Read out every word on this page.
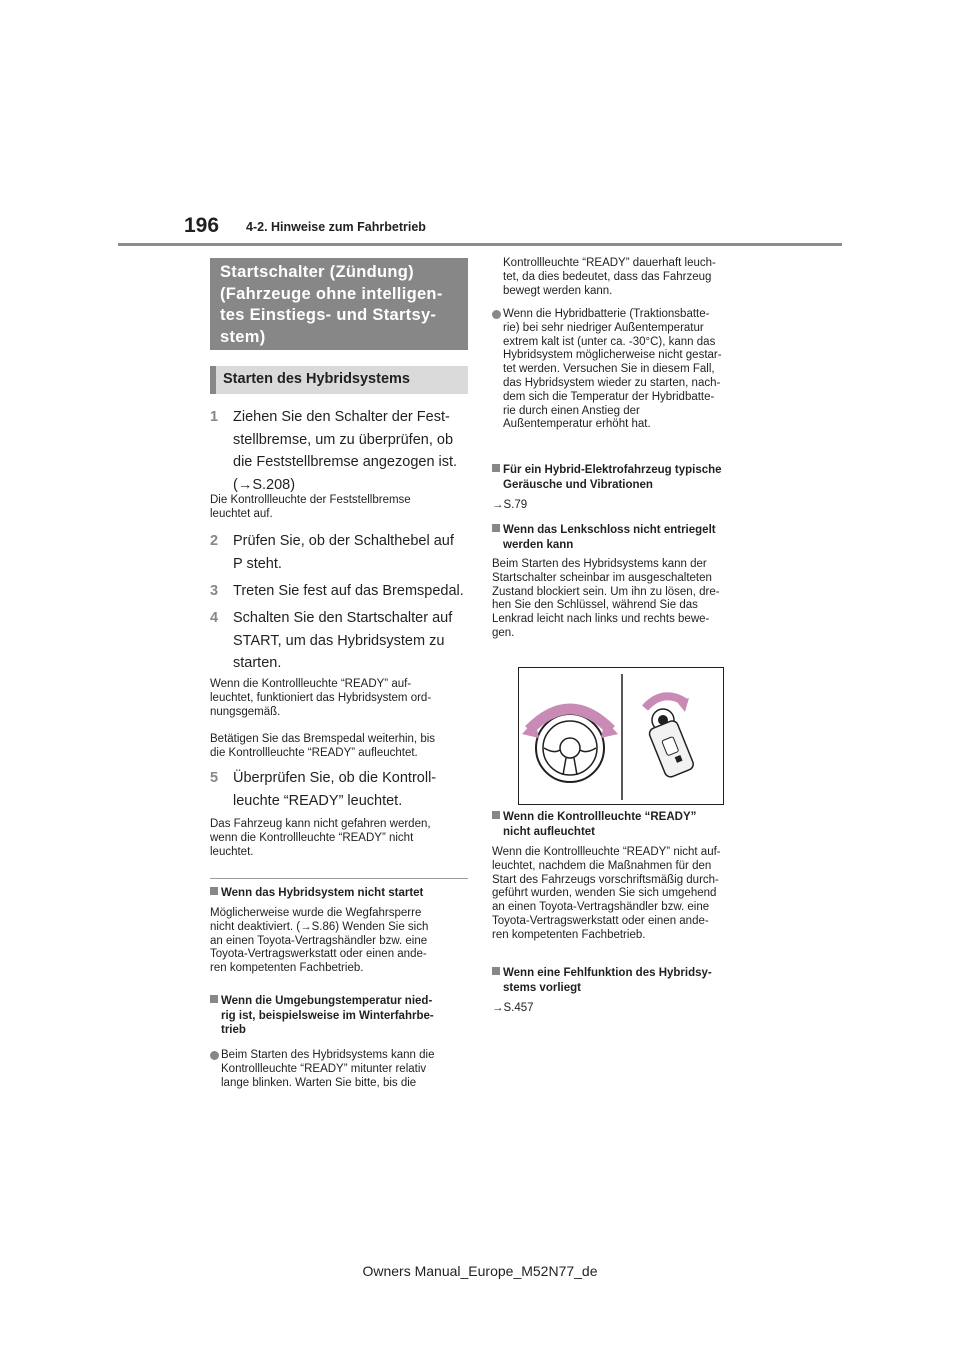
196 4-2. Hinweise zum Fahrbetrieb
Startschalter (Zündung)
(Fahrzeuge ohne intelligen-
tes Einstiegs- und Startsy-
stem)
Starten des Hybridsystems
1 Ziehen Sie den Schalter der Fest-
stellbremse, um zu überprüfen, ob
die Feststellbremse angezogen ist.
(→S.208)
Die Kontrollleuchte der Feststellbremse
leuchtet auf.
2 Prüfen Sie, ob der Schalthebel auf
P steht.
3 Treten Sie fest auf das Bremspedal.
4 Schalten Sie den Startschalter auf
START, um das Hybridsystem zu
starten.
Wenn die Kontrollleuchte “READY” auf-
leuchtet, funktioniert das Hybridsystem ord-
nungsgemäß.
Betätigen Sie das Bremspedal weiterhin, bis
die Kontrollleuchte “READY” aufleuchtet.
5 Überprüfen Sie, ob die Kontroll-
leuchte “READY” leuchtet.
Das Fahrzeug kann nicht gefahren werden,
wenn die Kontrollleuchte “READY” nicht
leuchtet.
Wenn das Hybridsystem nicht startet
Möglicherweise wurde die Wegfahrsperre
nicht deaktiviert. (→S.86) Wenden Sie sich
an einen Toyota-Vertragshändler bzw. eine
Toyota-Vertragswerkstatt oder einen ande-
ren kompetenten Fachbetrieb.
Wenn die Umgebungstemperatur nied-
rig ist, beispielsweise im Winterfahrbe-
trieb
Beim Starten des Hybridsystems kann die
Kontrollleuchte “READY” mitunter relativ
lange blinken. Warten Sie bitte, bis die
Kontrollleuchte “READY” dauerhaft leuch-
tet, da dies bedeutet, dass das Fahrzeug
bewegt werden kann.
Wenn die Hybridbatterie (Traktionsbatte-
rie) bei sehr niedriger Außentemperatur
extrem kalt ist (unter ca. -30°C), kann das
Hybridsystem möglicherweise nicht gestar-
tet werden. Versuchen Sie in diesem Fall,
das Hybridsystem wieder zu starten, nach-
dem sich die Temperatur der Hybridbatte-
rie durch einen Anstieg der
Außentemperatur erhöht hat.
Für ein Hybrid-Elektrofahrzeug typische
Geräusche und Vibrationen
→S.79
Wenn das Lenkschloss nicht entriegelt
werden kann
Beim Starten des Hybridsystems kann der
Startschalter scheinbar im ausgeschalteten
Zustand blockiert sein. Um ihn zu lösen, dre-
hen Sie den Schlüssel, während Sie das
Lenkrad leicht nach links und rechts bewe-
gen.
Wenn die Kontrollleuchte “READY”
nicht aufleuchtet
Wenn die Kontrollleuchte “READY” nicht auf-
leuchtet, nachdem die Maßnahmen für den
Start des Fahrzeugs vorschriftsmäßig durch-
geführt wurden, wenden Sie sich umgehend
an einen Toyota-Vertragshändler bzw. eine
Toyota-Vertragswerkstatt oder einen ande-
ren kompetenten Fachbetrieb.
Wenn eine Fehlfunktion des Hybridsy-
stems vorliegt
→S.457
Owners Manual_Europe_M52N77_de
